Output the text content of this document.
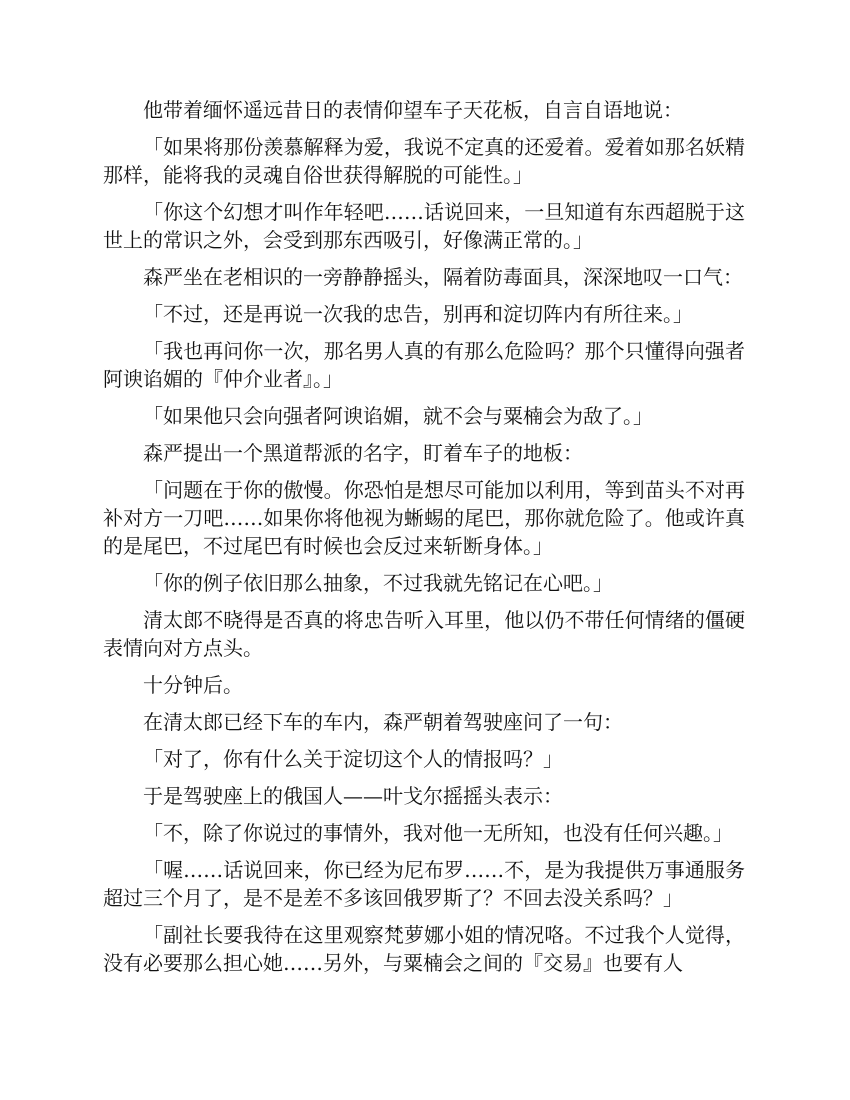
他带着缅怀遥远昔日的表情仰望车子天花板，自言自语地说：

「如果将那份羡慕解释为爱，我说不定真的还爱着。爱着如那名妖精那样，能将我的灵魂自俗世获得解脱的可能性。」

「你这个幻想才叫作年轻吧……话说回来，一旦知道有东西超脱于这世上的常识之外，会受到那东西吸引，好像满正常的。」

森严坐在老相识的一旁静静摇头，隔着防毒面具，深深地叹一口气：

「不过，还是再说一次我的忠告，别再和淀切阵内有所往来。」

「我也再问你一次，那名男人真的有那么危险吗？那个只懂得向强者阿谀谄媚的『仲介业者』。」

「如果他只会向强者阿谀谄媚，就不会与粟楠会为敌了。」

森严提出一个黑道帮派的名字，盯着车子的地板：

「问题在于你的傲慢。你恐怕是想尽可能加以利用，等到苗头不对再补对方一刀吧……如果你将他视为蜥蜴的尾巴，那你就危险了。他或许真的是尾巴，不过尾巴有时候也会反过来斩断身体。」

「你的例子依旧那么抽象，不过我就先铭记在心吧。」

清太郎不晓得是否真的将忠告听入耳里，他以仍不带任何情绪的僵硬表情向对方点头。

十分钟后。

在清太郎已经下车的车内，森严朝着驾驶座问了一句：

「对了，你有什么关于淀切这个人的情报吗？」

于是驾驶座上的俄国人——叶戈尔摇摇头表示：

「不，除了你说过的事情外，我对他一无所知，也没有任何兴趣。」

「喔……话说回来，你已经为尼布罗……不，是为我提供万事通服务超过三个月了，是不是差不多该回俄罗斯了？不回去没关系吗？」

「副社长要我待在这里观察梵萝娜小姐的情况咯。不过我个人觉得，没有必要那么担心她……另外，与粟楠会之间的『交易』也要有人
